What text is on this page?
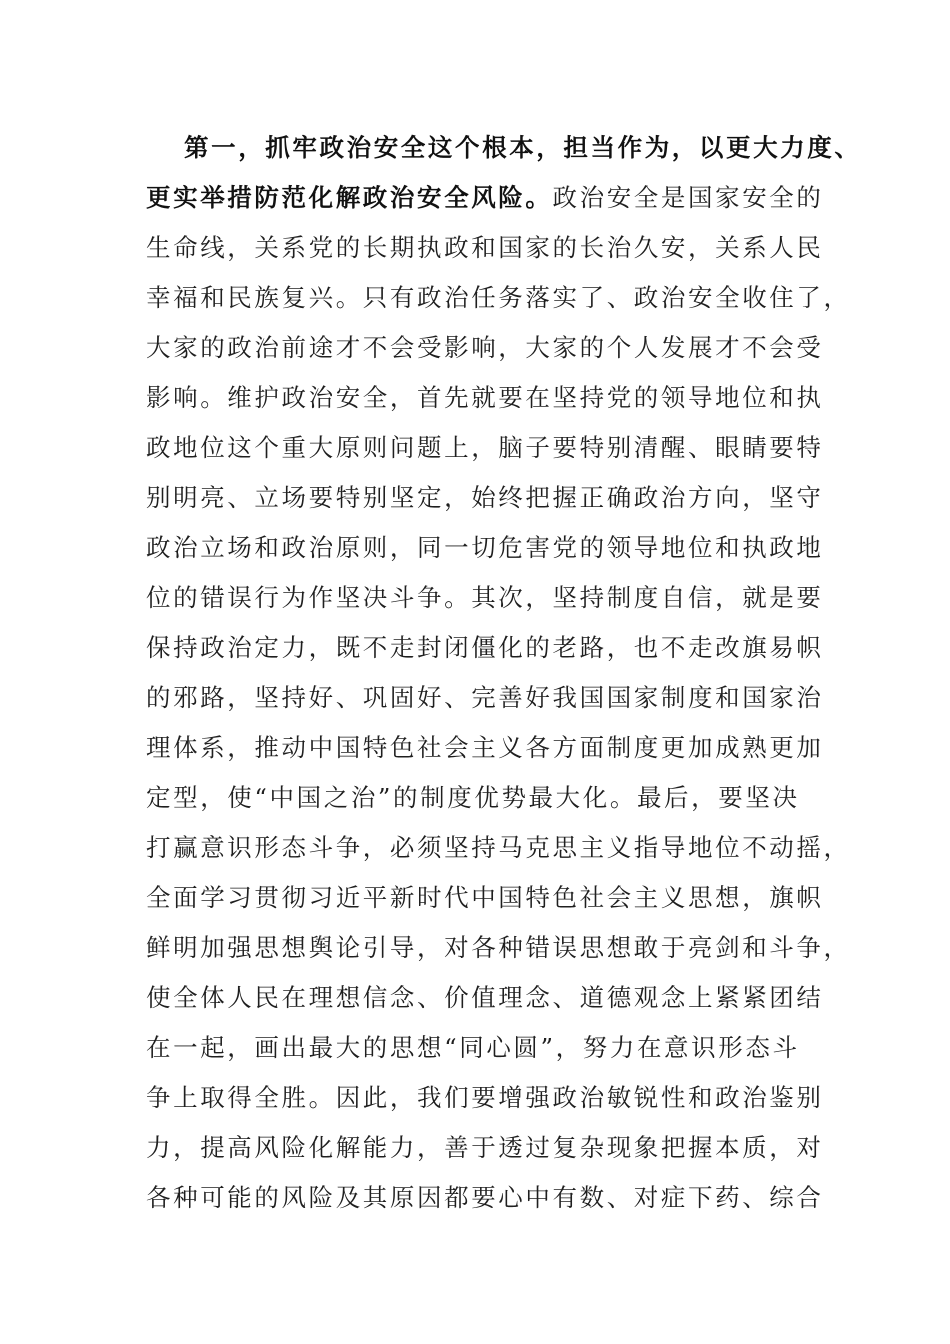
第一，抓牢政治安全这个根本，担当作为，以更大力度、
更实举措防范化解政治安全风险。政治安全是国家安全的
生命线，关系党的长期执政和国家的长治久安，关系人民
幸福和民族复兴。只有政治任务落实了、政治安全收住了，
大家的政治前途才不会受影响，大家的个人发展才不会受
影响。维护政治安全，首先就要在坚持党的领导地位和执
政地位这个重大原则问题上，脑子要特别清醒、眼睛要特
别明亮、立场要特别坚定，始终把握正确政治方向，坚守
政治立场和政治原则，同一切危害党的领导地位和执政地
位的错误行为作坚决斗争。其次，坚持制度自信，就是要
保持政治定力，既不走封闭僵化的老路，也不走改旗易帜
的邪路，坚持好、巩固好、完善好我国国家制度和国家治
理体系，推动中国特色社会主义各方面制度更加成熟更加
定型，使“中国之治”的制度优势最大化。最后，要坚决
打赢意识形态斗争，必须坚持马克思主义指导地位不动摇，
全面学习贯彻习近平新时代中国特色社会主义思想，旗帜
鲜明加强思想舆论引导，对各种错误思想敢于亮剑和斗争，
使全体人民在理想信念、价值理念、道德观念上紧紧团结
在一起，画出最大的思想“同心圆”，努力在意识形态斗
争上取得全胜。因此，我们要增强政治敏锐性和政治鉴别
力，提高风险化解能力，善于透过复杂现象把握本质，对
各种可能的风险及其原因都要心中有数、对症下药、综合
